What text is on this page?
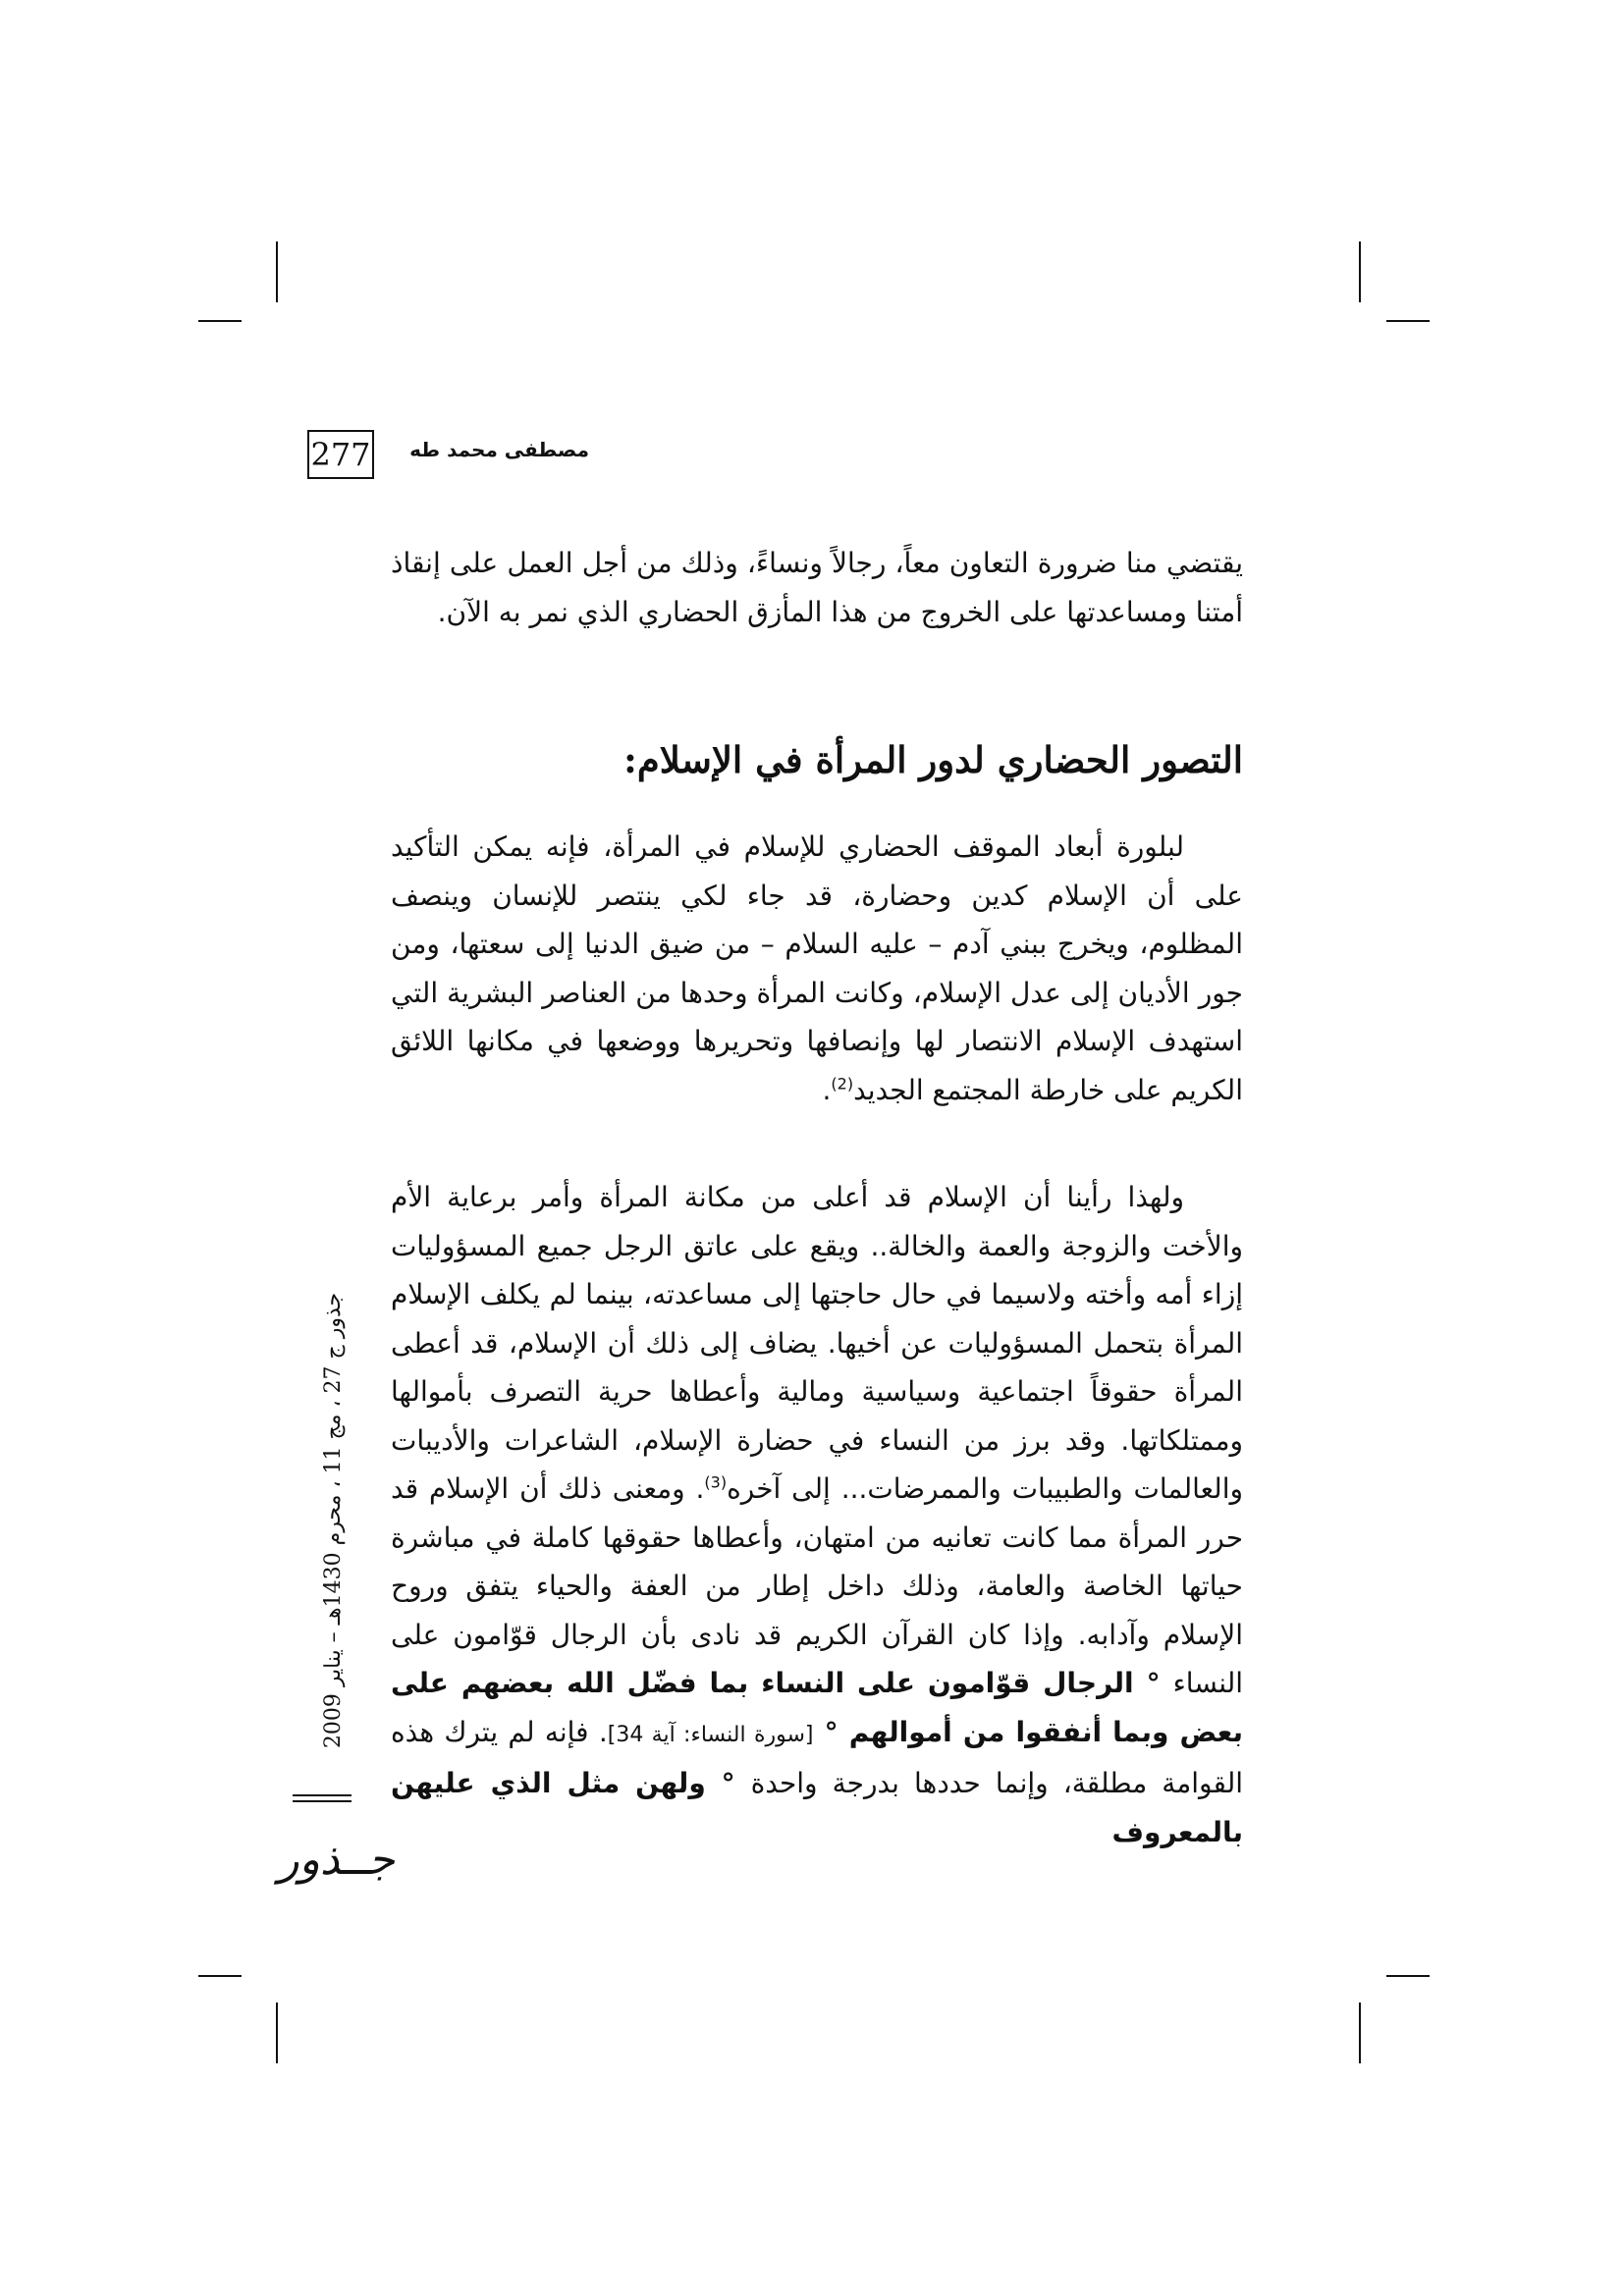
277	مصطفى محمد طه

يقتضي منا ضرورة التعاون معاً، رجالاً ونساءً، وذلك من أجل العمل على إنقاذ أمتنا ومساعدتها على الخروج من هذا المأزق الحضاري الذي نمر به الآن.

التصور الحضاري لدور المرأة في الإسلام:

لبلورة أبعاد الموقف الحضاري للإسلام في المرأة، فإنه يمكن التأكيد على أن الإسلام كدين وحضارة، قد جاء لكي ينتصر للإنسان وينصف المظلوم، ويخرج ببني آدم – عليه السلام – من ضيق الدنيا إلى سعتها، ومن جور الأديان إلى عدل الإسلام، وكانت المرأة وحدها من العناصر البشرية التي استهدف الإسلام الانتصار لها وإنصافها وتحريرها ووضعها في مكانها اللائق الكريم على خارطة المجتمع الجديد$^{(2)}$.

ولهذا رأينا أن الإسلام قد أعلى من مكانة المرأة وأمر برعاية الأم والأخت والزوجة والعمة والخالة.. ويقع على عاتق الرجل جميع المسؤوليات إزاء أمه وأخته ولاسيما في حال حاجتها إلى مساعدته، بينما لم يكلف الإسلام المرأة بتحمل المسؤوليات عن أخيها. يضاف إلى ذلك أن الإسلام، قد أعطى المرأة حقوقاً اجتماعية وسياسية ومالية وأعطاها حرية التصرف بأموالها وممتلكاتها. وقد برز من النساء في حضارة الإسلام، الشاعرات والأديبات والعالمات والطبيبات والممرضات... إلى آخره$^{(3)}$. ومعنى ذلك أن الإسلام قد حرر المرأة مما كانت تعانيه من امتهان، وأعطاها حقوقها كاملة في مباشرة حياتها الخاصة والعامة، وذلك داخل إطار من العفة والحياء يتفق وروح الإسلام وآدابه. وإذا كان القرآن الكريم قد نادى بأن الرجال قوّامون على النساء ° الرجال قوّامون على النساء بما فضّل الله بعضهم على بعض وبما أنفقوا من أموالهم ° [سورة النساء: آية 34]. فإنه لم يترك هذه القوامة مطلقة، وإنما حددها بدرجة واحدة ° ولهن مثل الذي عليهن بالمعروف

جذور ج 27 ، مج 11 ، محرم 1430هـ – يناير 2009
جــذور
